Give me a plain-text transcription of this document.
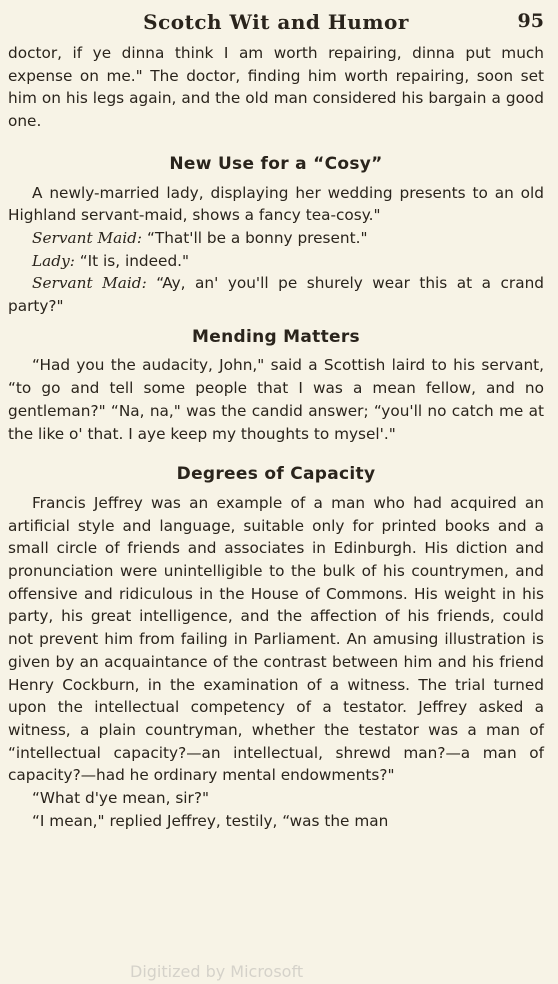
Scotch Wit and Humor	95

doctor, if ye dinna think I am worth repairing, dinna put much expense on me." The doctor, finding him worth repairing, soon set him on his legs again, and the old man considered his bargain a good one.

New Use for a “Cosy”

A newly-married lady, displaying her wedding presents to an old Highland servant-maid, shows a fancy tea-cosy."

Servant Maid: “That'll be a bonny present."

Lady: “It is, indeed."

Servant Maid: “Ay, an' you'll pe shurely wear this at a crand party?"

Mending Matters

“Had you the audacity, John," said a Scottish laird to his servant, “to go and tell some people that I was a mean fellow, and no gentleman?" “Na, na," was the candid answer; “you'll no catch me at the like o' that. I aye keep my thoughts to mysel'."

Degrees of Capacity

Francis Jeffrey was an example of a man who had acquired an artificial style and language, suitable only for printed books and a small circle of friends and associates in Edinburgh. His diction and pronunciation were unintelligible to the bulk of his countrymen, and offensive and ridiculous in the House of Commons. His weight in his party, his great intelligence, and the affection of his friends, could not prevent him from failing in Parliament. An amusing illustration is given by an acquaintance of the contrast between him and his friend Henry Cockburn, in the examination of a witness. The trial turned upon the intellectual competency of a testator. Jeffrey asked a witness, a plain countryman, whether the testator was a man of “intellectual capacity?—an intellectual, shrewd man?—a man of capacity?—had he ordinary mental endowments?"

“What d'ye mean, sir?"

“I mean," replied Jeffrey, testily, “was the man

Digitized by Microsoft
